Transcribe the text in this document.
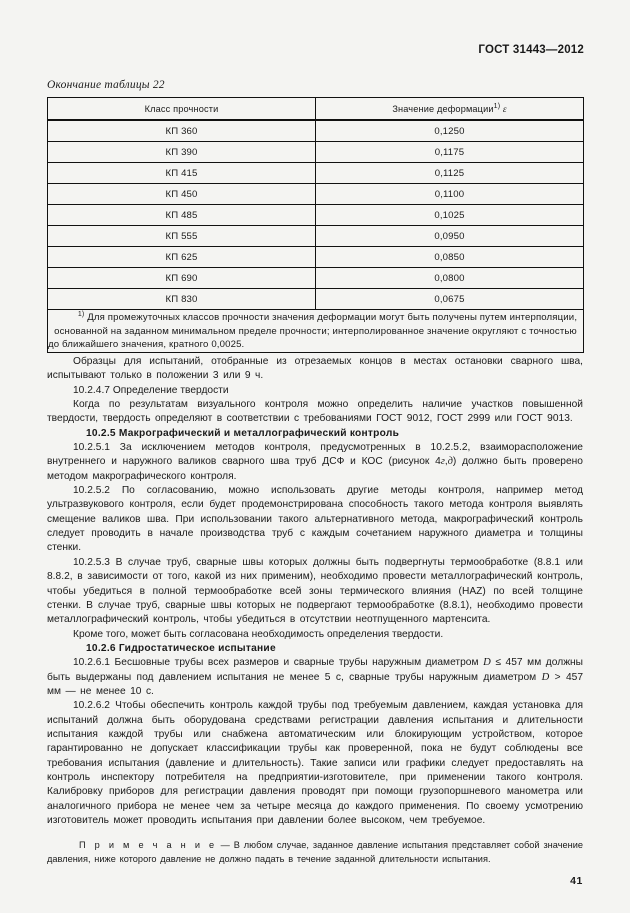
ГОСТ 31443—2012
Окончание таблицы 22
Класс прочности	Значение деформации$^{1)}$ ε
КП 360	0,1250
КП 390	0,1175
КП 415	0,1125
КП 450	0,1100
КП 485	0,1025
КП 555	0,0950
КП 625	0,0850
КП 690	0,0800
КП 830	0,0675
$^{1)}$ Для промежуточных классов прочности значения деформации могут быть получены путем интерполяции, основанной на заданном минимальном пределе прочности; интерполированное значение округляют с точностью до ближайшего значения, кратного 0,0025.	

Образцы для испытаний, отобранные из отрезаемых концов в местах остановки сварного шва, испытывают только в положении 3 или 9 ч.

10.2.4.7 Определение твердости

Когда по результатам визуального контроля можно определить наличие участков повышенной твердости, твердость определяют в соответствии с требованиями ГОСТ 9012, ГОСТ 2999 или ГОСТ 9013.

10.2.5 Макрографический и металлографический контроль

10.2.5.1 За исключением методов контроля, предусмотренных в 10.2.5.2, взаиморасположение внутреннего и наружного валиков сварного шва труб ДСФ и КОС (рисунок 4г,д) должно быть проверено методом макрографического контроля.

10.2.5.2 По согласованию, можно использовать другие методы контроля, например метод ультразвукового контроля, если будет продемонстрирована способность такого метода контроля выявлять смещение валиков шва. При использовании такого альтернативного метода, макрографический контроль следует проводить в начале производства труб с каждым сочетанием наружного диаметра и толщины стенки.

10.2.5.3 В случае труб, сварные швы которых должны быть подвергнуты термообработке (8.8.1 или 8.8.2, в зависимости от того, какой из них применим), необходимо провести металлографический контроль, чтобы убедиться в полной термообработке всей зоны термического влияния (HAZ) по всей толщине стенки. В случае труб, сварные швы которых не подвергают термообработке (8.8.1), необходимо провести металлографический контроль, чтобы убедиться в отсутствии неотпущенного мартенсита.

Кроме того, может быть согласована необходимость определения твердости.

10.2.6 Гидростатическое испытание

10.2.6.1 Бесшовные трубы всех размеров и сварные трубы наружным диаметром D ≤ 457 мм должны быть выдержаны под давлением испытания не менее 5 с, сварные трубы наружным диаметром D > 457 мм — не менее 10 с.

10.2.6.2 Чтобы обеспечить контроль каждой трубы под требуемым давлением, каждая установка для испытаний должна быть оборудована средствами регистрации давления испытания и длительности испытания каждой трубы или снабжена автоматическим или блокирующим устройством, которое гарантированно не допускает классификации трубы как проверенной, пока не будут соблюдены все требования испытания (давление и длительность). Такие записи или графики следует предоставлять на контроль инспектору потребителя на предприятии-изготовителе, при применении такого контроля. Калибровку приборов для регистрации давления проводят при помощи грузопоршневого манометра или аналогичного прибора не менее чем за четыре месяца до каждого применения. По своему усмотрению изготовитель может проводить испытания при давлении более высоком, чем требуемое.

П р и м е ч а н и е — В любом случае, заданное давление испытания представляет собой значение давления, ниже которого давление не должно падать в течение заданной длительности испытания.

41
